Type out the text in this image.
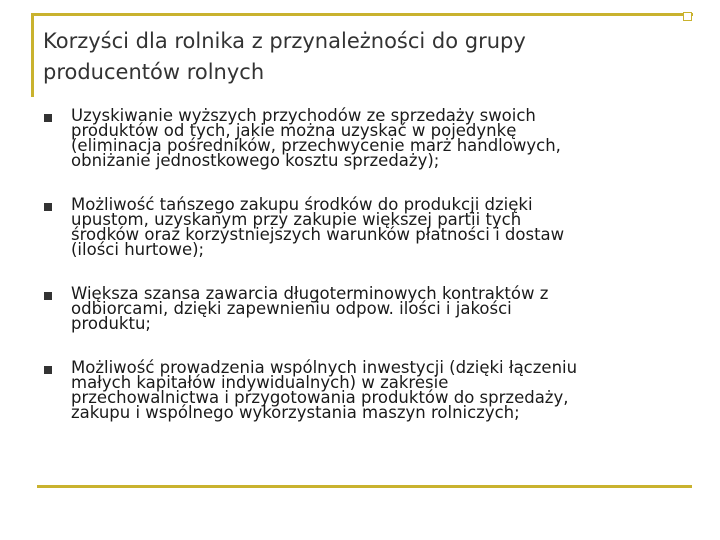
Korzyści dla rolnika z przynależności do grupy
producentów rolnych
Uzyskiwanie wyższych przychodów ze sprzedaży swoich
produktów od tych, jakie można uzyskać w pojedynkę
(eliminacja pośredników, przechwycenie marż handlowych,
obniżanie jednostkowego kosztu sprzedaży);
Możliwość tańszego zakupu środków do produkcji dzięki
upustom, uzyskanym przy zakupie większej partii tych
środków oraz korzystniejszych warunków płatności i dostaw
(ilości hurtowe);
Większa szansa zawarcia długoterminowych kontraktów z
odbiorcami, dzięki zapewnieniu odpow. ilości i jakości
produktu;
Możliwość prowadzenia wspólnych inwestycji (dzięki łączeniu
małych kapitałów indywidualnych) w zakresie
przechowalnictwa i przygotowania produktów do sprzedaży,
zakupu i wspólnego wykorzystania maszyn rolniczych;
